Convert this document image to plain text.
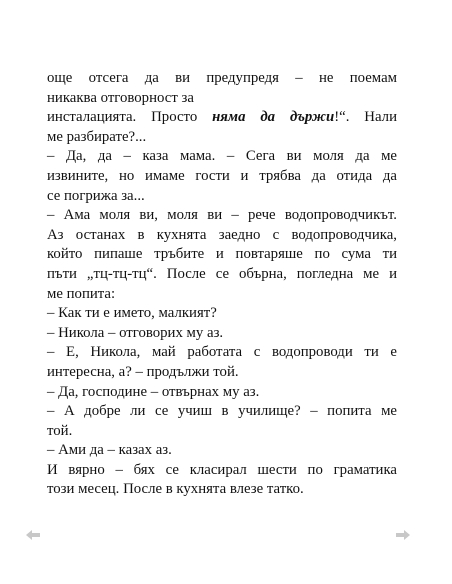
още отсега да ви предупредя – не поемам
никаква отговорност за
инсталацията. Просто няма да държи!“. Нали
ме разбирате?...
– Да, да – каза мама. – Сега ви моля да ме
извините, но имаме гости и трябва да отида да
се погрижа за...
– Ама моля ви, моля ви – рече водопроводчикът.
Аз останах в кухнята заедно с водопроводчика,
който пипаше тръбите и повтаряше по сума ти
пъти „тц-тц-тц“. После се обърна, погледна ме и
ме попита:
– Как ти е името, малкият?
– Никола – отговорих му аз.
– Е, Никола, май работата с водопроводи ти е
интересна, а? – продължи той.
– Да, господине – отвърнах му аз.
– А добре ли се учиш в училище? – попита ме
той.
– Ами да – казах аз.
И вярно – бях се класирал шести по граматика
този месец. После в кухнята влезе татко.
